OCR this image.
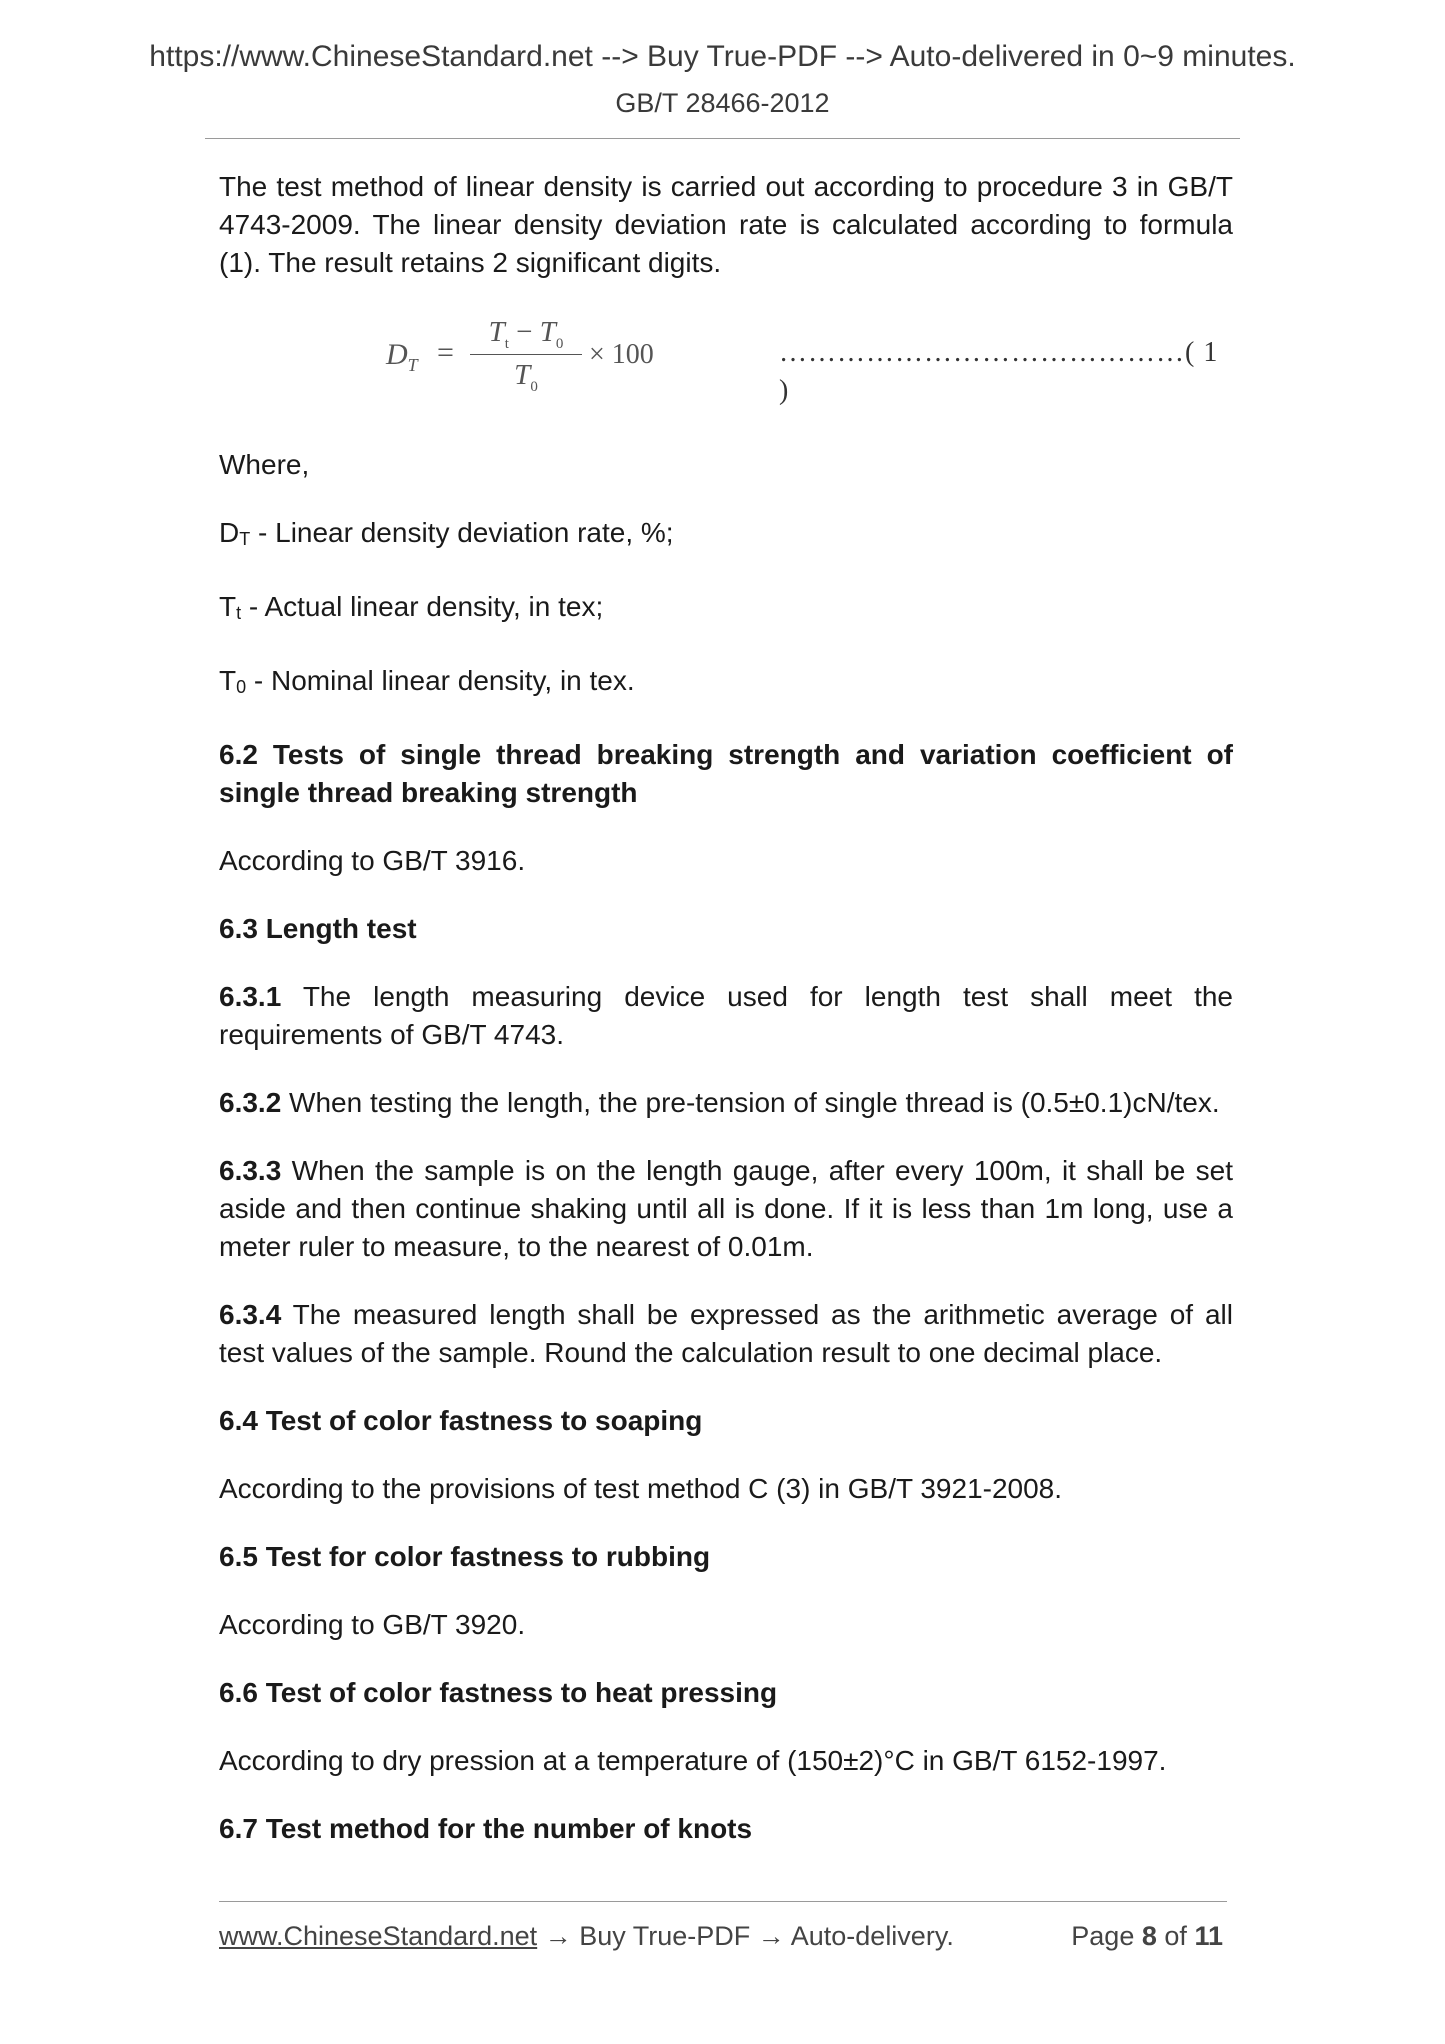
https://www.ChineseStandard.net --> Buy True-PDF --> Auto-delivered in 0~9 minutes.
GB/T 28466-2012

The test method of linear density is carried out according to procedure 3 in GB/T 4743-2009. The linear density deviation rate is calculated according to formula (1). The result retains 2 significant digits.

$D_T$ =
$T_t - T_0$
$T_0$
× 100	……………………………………( 1 )

Where,

DT - Linear density deviation rate, %;

Tt - Actual linear density, in tex;

T0 - Nominal linear density, in tex.

6.2 Tests of single thread breaking strength and variation coefficient of single thread breaking strength

According to GB/T 3916.

6.3 Length test

6.3.1 The length measuring device used for length test shall meet the requirements of GB/T 4743.

6.3.2 When testing the length, the pre-tension of single thread is (0.5±0.1)cN/tex.

6.3.3 When the sample is on the length gauge, after every 100m, it shall be set aside and then continue shaking until all is done. If it is less than 1m long, use a meter ruler to measure, to the nearest of 0.01m.

6.3.4 The measured length shall be expressed as the arithmetic average of all test values of the sample. Round the calculation result to one decimal place.

6.4 Test of color fastness to soaping

According to the provisions of test method C (3) in GB/T 3921-2008.

6.5 Test for color fastness to rubbing

According to GB/T 3920.

6.6 Test of color fastness to heat pressing

According to dry pression at a temperature of (150±2)°C in GB/T 6152-1997.

6.7 Test method for the number of knots

www.ChineseStandard.net → Buy True-PDF → Auto-delivery.	Page 8 of 11
